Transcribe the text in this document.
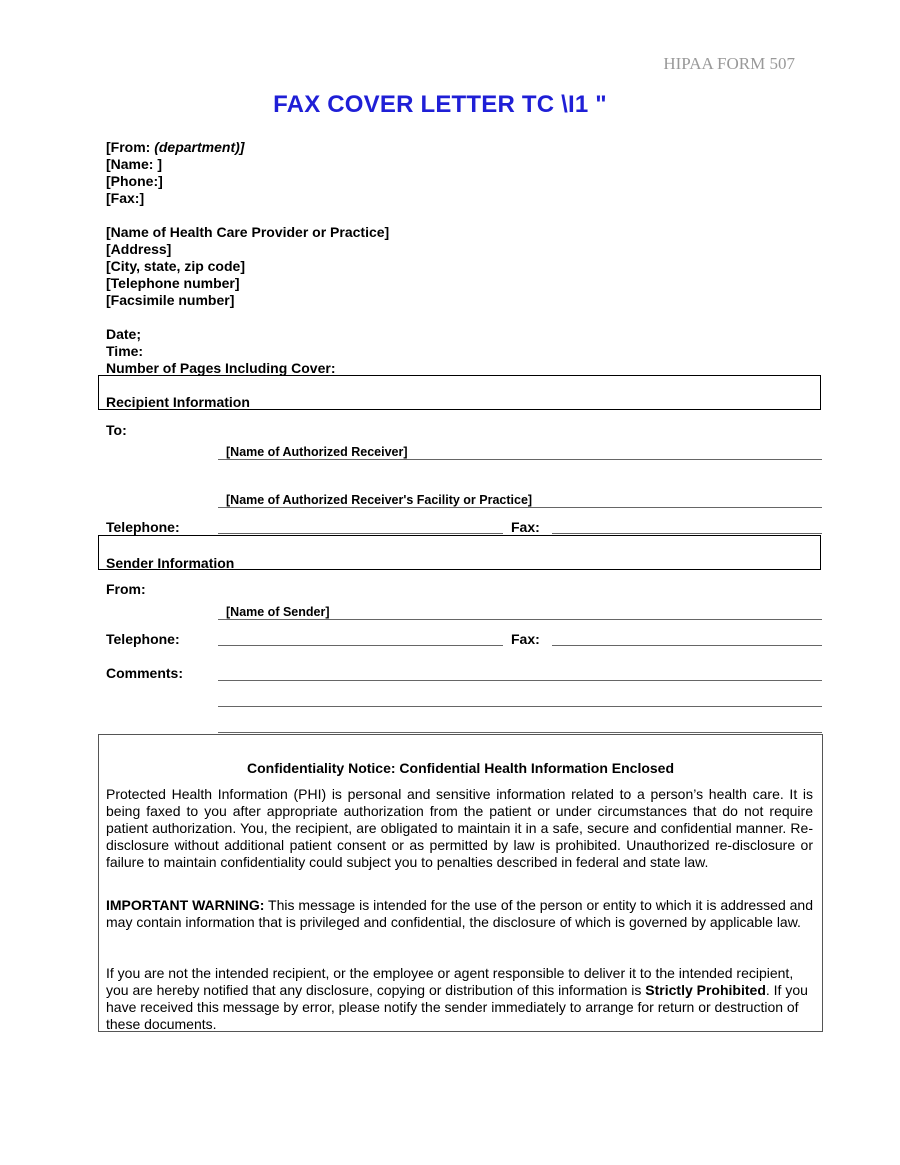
HIPAA FORM 507
FAX COVER LETTER TC \I1 "
[From: (department)]
[Name: ]
[Phone:]
[Fax:]
[Name of Health Care Provider or Practice]
[Address]
[City, state, zip code]
[Telephone number]
[Facsimile number]
Date;
Time:
Number of Pages Including Cover:
Recipient Information
To:
[Name of Authorized Receiver]
[Name of Authorized Receiver's Facility or Practice]
Telephone:	Fax:
Sender Information
From:
[Name of Sender]
Telephone:	Fax:
Comments:
Confidentiality Notice: Confidential Health Information Enclosed
Protected Health Information (PHI) is personal and sensitive information related to a person’s health care. It is being faxed to you after appropriate authorization from the patient or under circumstances that do not require patient authorization. You, the recipient, are obligated to maintain it in a safe, secure and confidential manner. Re-disclosure without additional patient consent or as permitted by law is prohibited. Unauthorized re-disclosure or failure to maintain confidentiality could subject you to penalties described in federal and state law.
IMPORTANT WARNING: This message is intended for the use of the person or entity to which it is addressed and may contain information that is privileged and confidential, the disclosure of which is governed by applicable law.
If you are not the intended recipient, or the employee or agent responsible to deliver it to the intended recipient, you are hereby notified that any disclosure, copying or distribution of this information is Strictly Prohibited. If you have received this message by error, please notify the sender immediately to arrange for return or destruction of these documents.
